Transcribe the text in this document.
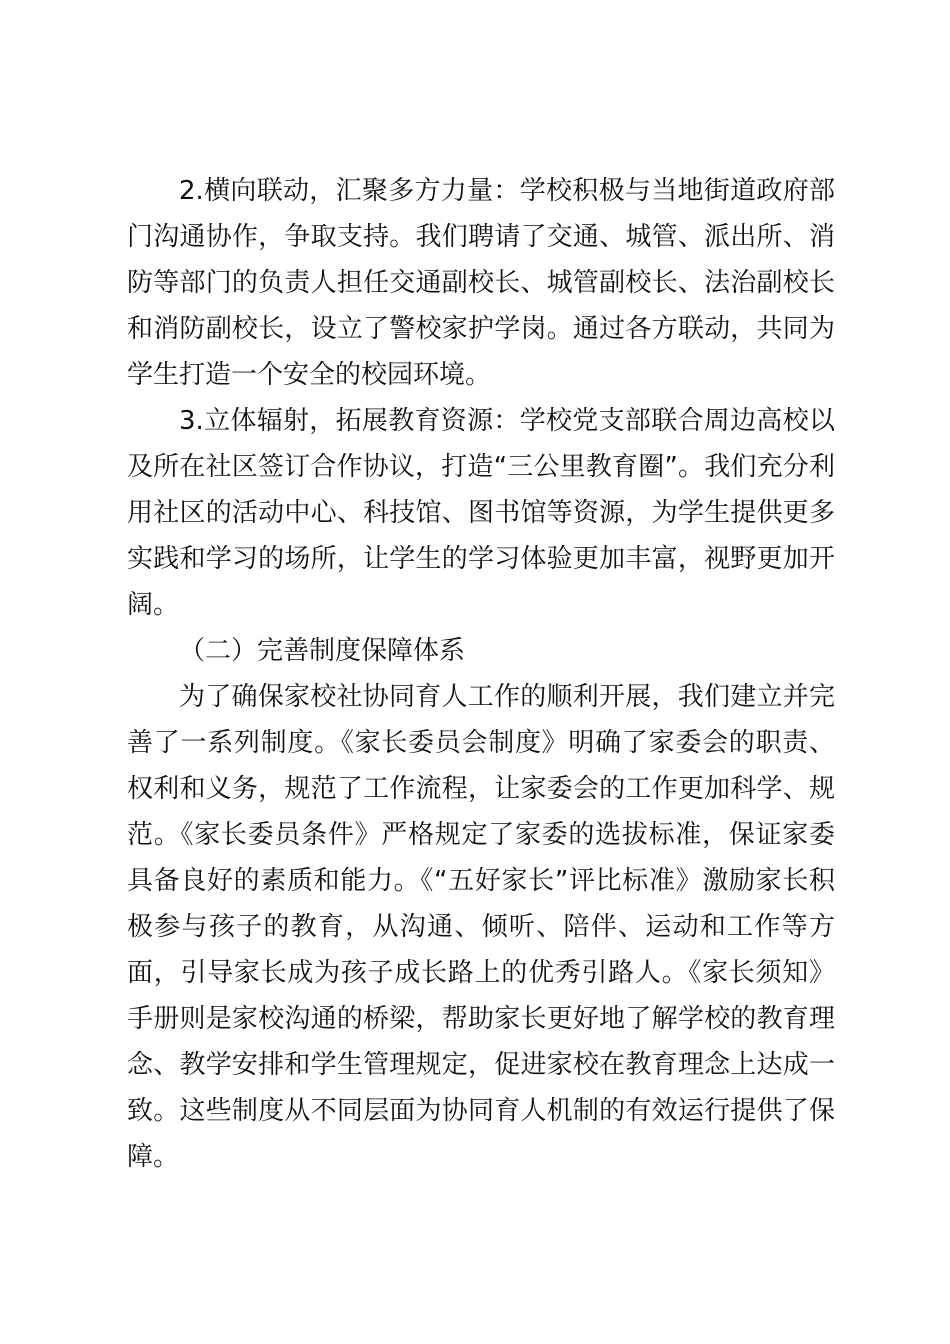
2.横向联动，汇聚多方力量：学校积极与当地街道政府部门沟通协作，争取支持。我们聘请了交通、城管、派出所、消防等部门的负责人担任交通副校长、城管副校长、法治副校长和消防副校长，设立了警校家护学岗。通过各方联动，共同为学生打造一个安全的校园环境。

3.立体辐射，拓展教育资源：学校党支部联合周边高校以及所在社区签订合作协议，打造“三公里教育圈”。我们充分利用社区的活动中心、科技馆、图书馆等资源，为学生提供更多实践和学习的场所，让学生的学习体验更加丰富，视野更加开阔。

（二）完善制度保障体系

为了确保家校社协同育人工作的顺利开展，我们建立并完善了一系列制度。《家长委员会制度》明确了家委会的职责、权利和义务，规范了工作流程，让家委会的工作更加科学、规范。《家长委员条件》严格规定了家委的选拔标准，保证家委具备良好的素质和能力。《“五好家长”评比标准》激励家长积极参与孩子的教育，从沟通、倾听、陪伴、运动和工作等方面，引导家长成为孩子成长路上的优秀引路人。《家长须知》手册则是家校沟通的桥梁，帮助家长更好地了解学校的教育理念、教学安排和学生管理规定，促进家校在教育理念上达成一致。这些制度从不同层面为协同育人机制的有效运行提供了保障。
